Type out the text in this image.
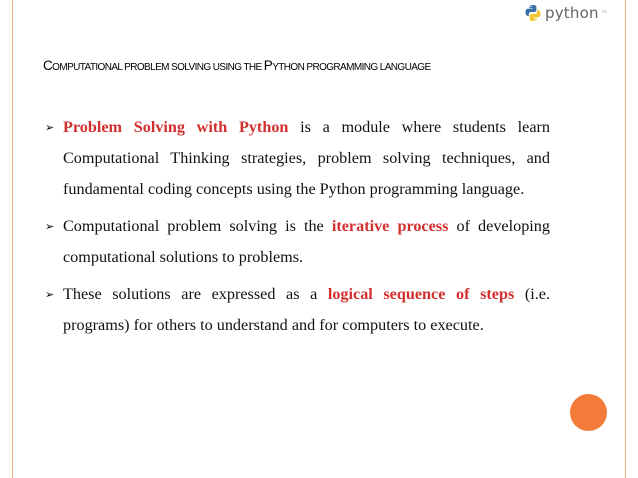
python ™
COMPUTATIONAL PROBLEM SOLVING USING THE PYTHON PROGRAMMING LANGUAGE
➢ Problem Solving with Python is a module where students learn Computational Thinking strategies, problem solving techniques, and fundamental coding concepts using the Python programming language.
➢ Computational problem solving is the iterative process of developing computational solutions to problems.
➢ These solutions are expressed as a logical sequence of steps (i.e. programs) for others to understand and for computers to execute.
